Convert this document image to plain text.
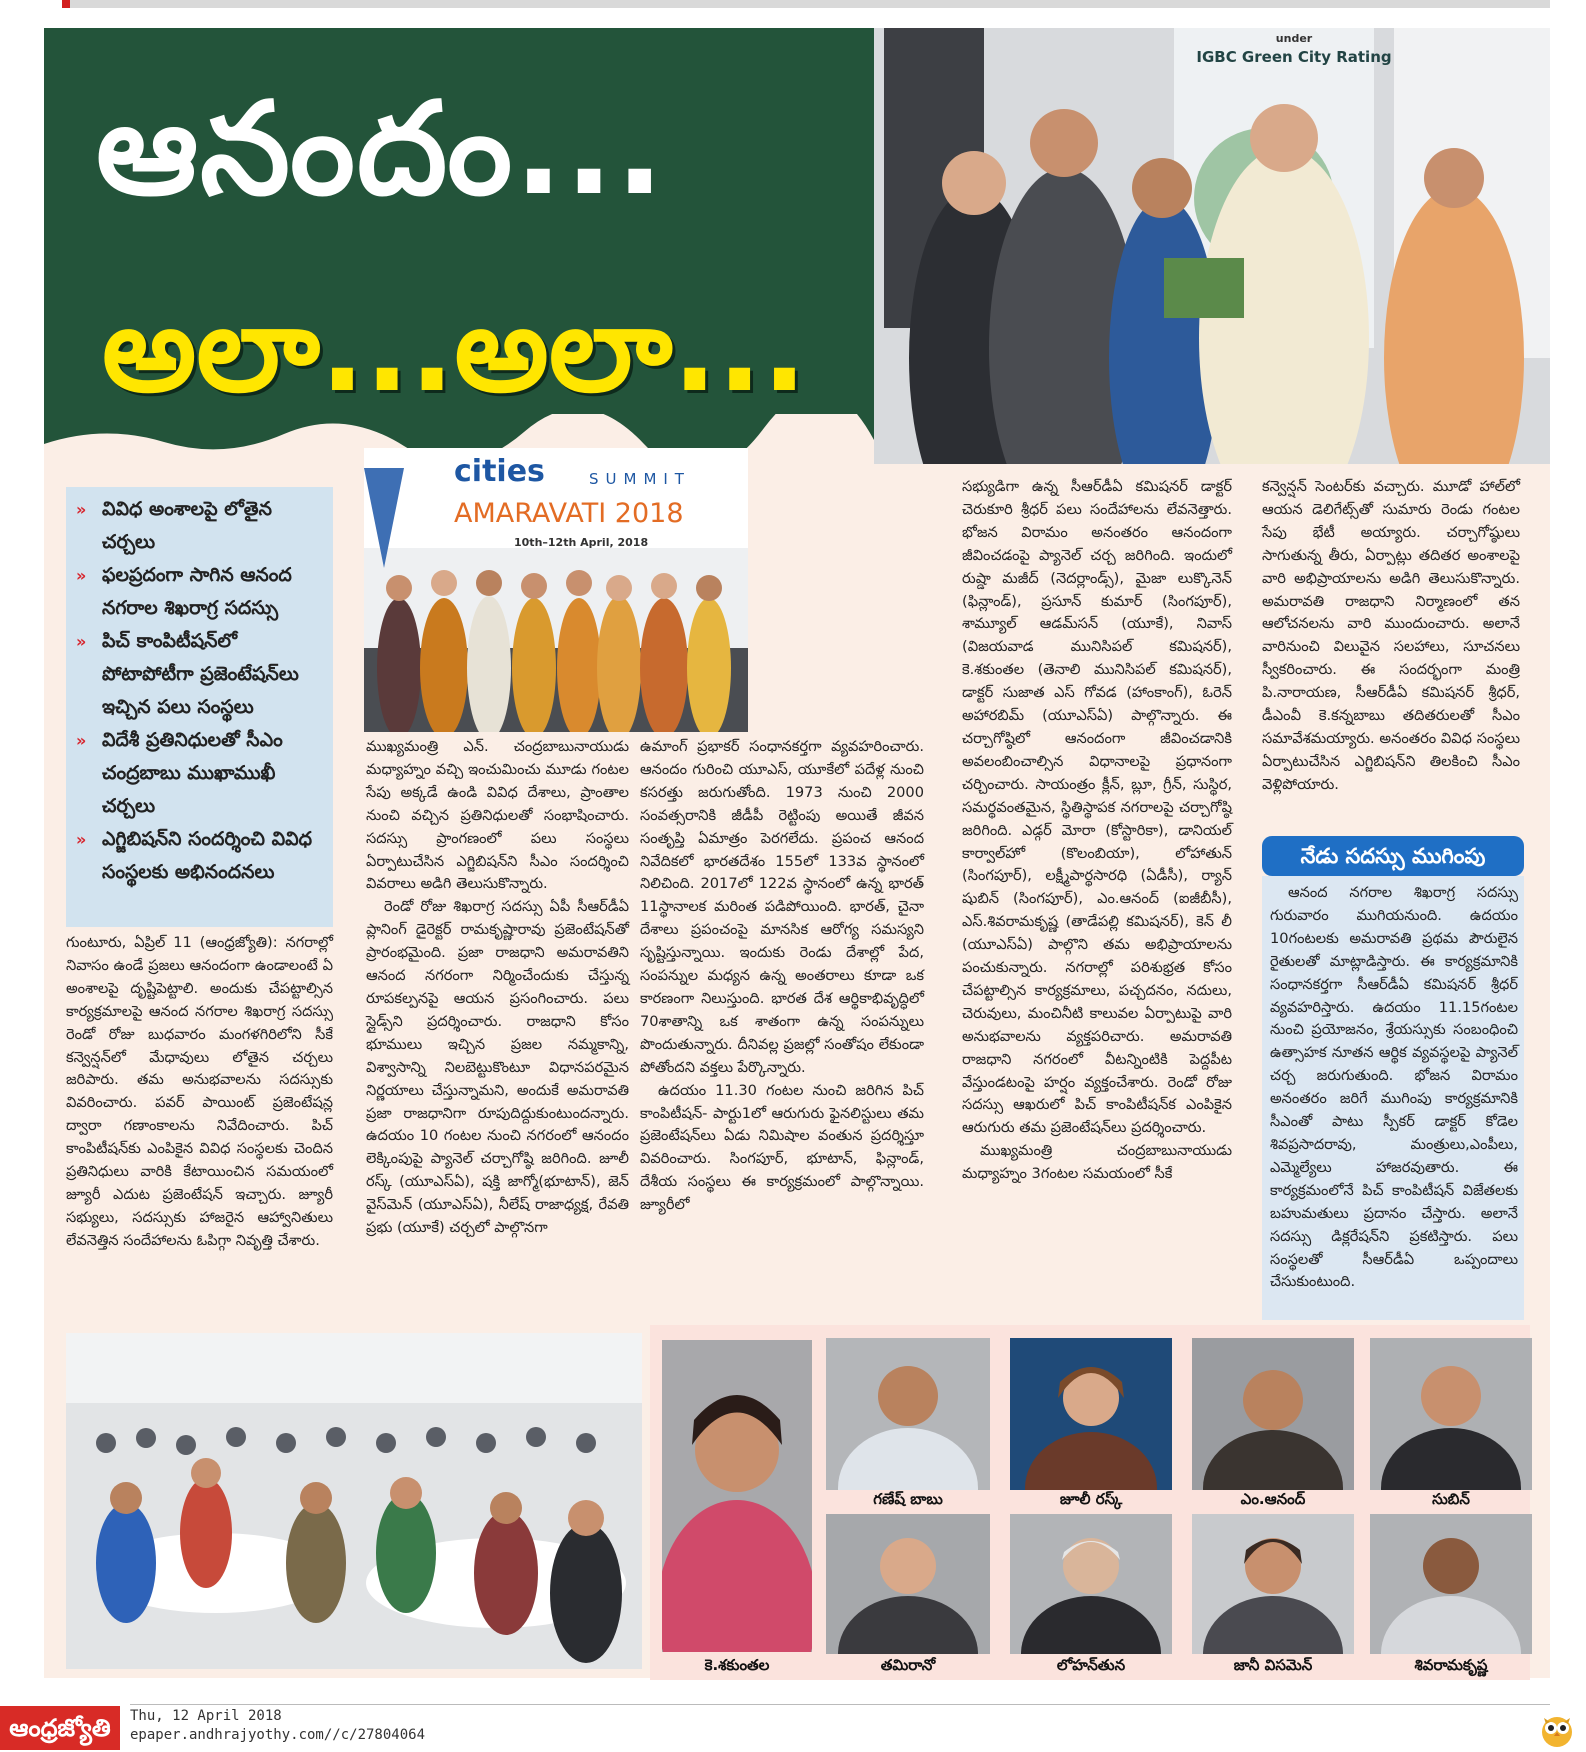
ఆనందం...
అలా...అలా...
under
IGBC Green City Rating
» వివిధ అంశాలపై లోతైన చర్చలు
» ఫలప్రదంగా సాగిన ఆనంద నగరాల శిఖరాగ్ర సదస్సు
» పిచ్ కాంపిటీషన్‌లో పోటాపోటీగా ప్రజెంటేషన్‌లు ఇచ్చిన పలు సంస్థలు
» విదేశీ ప్రతినిధులతో సీఎం చంద్రబాబు ముఖాముఖీ చర్చలు
» ఎగ్జిబిషన్‌ని సందర్శించి వివిధ సంస్థలకు అభినందనలు
cities	SUMMIT
AMARAVATI 2018
10th–12th April, 2018

గుంటూరు, ఏప్రిల్ 11 (ఆంధ్రజ్యోతి): నగరాల్లో నివాసం ఉండే ప్రజలు ఆనందంగా ఉండాలంటే ఏ అంశాలపై దృష్టిపెట్టాలి. అందుకు చేపట్టాల్సిన కార్యక్రమాలపై ఆనంద నగరాల శిఖరాగ్ర సదస్సు రెండో రోజు బుధవారం మంగళగిరిలోని సీకే కన్వెన్షన్‌లో మేధావులు లోతైన చర్చలు జరిపారు. తమ అనుభవాలను సదస్సుకు వివరించారు. పవర్ పాయింట్ ప్రజెంటేషన్ల ద్వారా గణాంకాలను నివేదించారు. పిచ్ కాంపిటీషన్‌కు ఎంపికైన వివిధ సంస్థలకు చెందిన ప్రతినిధులు వారికి కేటాయించిన సమయంలో జ్యూరీ ఎదుట ప్రజెంటేషన్ ఇచ్చారు. జ్యూరీ సభ్యులు, సదస్సుకు హాజరైన ఆహ్వానితులు లేవనెత్తిన సందేహాలను ఓపిగ్గా నివృత్తి చేశారు.

ముఖ్యమంత్రి ఎన్. చంద్రబాబునాయుడు మధ్యాహ్నం వచ్చి ఇంచుమించు మూడు గంటల సేపు అక్కడే ఉండి వివిధ దేశాలు, ప్రాంతాల నుంచి వచ్చిన ప్రతినిధులతో సంభాషించారు. సదస్సు ప్రాంగణంలో పలు సంస్థలు ఏర్పాటుచేసిన ఎగ్జిబిషన్‌ని సీఎం సందర్శించి వివరాలు అడిగి తెలుసుకొన్నారు.

రెండో రోజు శిఖరాగ్ర సదస్సు ఏపీ సీఆర్‌డీఏ ప్లానింగ్ డైరెక్టర్ రామకృష్ణారావు ప్రజెంటేషన్‌తో ప్రారంభమైంది. ప్రజా రాజధాని అమరావతిని ఆనంద నగరంగా నిర్మించేందుకు చేస్తున్న రూపకల్పనపై ఆయన ప్రసంగించారు. పలు స్లైడ్స్‌ని ప్రదర్శించారు. రాజధాని కోసం భూములు ఇచ్చిన ప్రజల నమ్మకాన్ని, విశ్వాసాన్ని నిలబెట్టుకొంటూ విధానపరమైన నిర్ణయాలు చేస్తున్నామని, అందుకే అమరావతి ప్రజా రాజధానిగా రూపుదిద్దుకుంటుందన్నారు. ఉదయం 10 గంటల నుంచి నగరంలో ఆనందం లెక్కింపుపై ప్యానెల్ చర్చాగోష్ఠి జరిగింది. జూలీ రస్క్ (యూఎస్‌ఏ), షక్తి జాగ్మో(భూటాన్), జెన్ వైస్‌మెన్ (యూఎస్‌ఏ), నీలేష్ రాజాధ్యక్ష, రేవతి ప్రభు (యూకే) చర్చలో పాల్గొనగా

ఉమాంగ్ ప్రభాకర్ సంధానకర్తగా వ్యవహరించారు. ఆనందం గురించి యూఎస్, యూకేలో పదేళ్ల నుంచి కసరత్తు జరుగుతోంది. 1973 నుంచి 2000 సంవత్సరానికి జీడీపీ రెట్టింపు అయితే జీవన సంతృప్తి ఏమాత్రం పెరగలేదు. ప్రపంచ ఆనంద నివేదికలో భారతదేశం 155లో 133వ స్థానంలో నిలిచింది. 2017లో 122వ స్థానంలో ఉన్న భారత్ 11స్థానాలక మరింత పడిపోయింది. భారత్, చైనా దేశాలు ప్రపంచంపై మానసిక ఆరోగ్య సమస్యని సృష్టిస్తున్నాయి. ఇందుకు రెండు దేశాల్లో పేద, సంపన్నుల మధ్యన ఉన్న అంతరాలు కూడా ఒక కారణంగా నిలుస్తుంది. భారత దేశ ఆర్థికాభివృద్ధిలో 70శాతాన్ని ఒక శాతంగా ఉన్న సంపన్నులు పొందుతున్నారు. దీనివల్ల ప్రజల్లో సంతోషం లేకుండా పోతోందని వక్తలు పేర్కొన్నారు.

ఉదయం 11.30 గంటల నుంచి జరిగిన పిచ్ కాంపిటీషన్- పార్టు1లో ఆరుగురు ఫైనలిస్టులు తమ ప్రజెంటేషన్‌లు ఏడు నిమిషాల వంతున ప్రదర్శిస్తూ వివరించారు. సింగపూర్, భూటాన్, ఫిన్లాండ్, దేశీయ సంస్థలు ఈ కార్యక్రమంలో పాల్గొన్నాయి. జ్యూరీలో

సభ్యుడిగా ఉన్న సీఆర్‌డీఏ కమిషనర్ డాక్టర్ చెరుకూరి శ్రీధర్ పలు సందేహాలను లేవనెత్తారు. భోజన విరామం అనంతరం ఆనందంగా జీవించడంపై ప్యానెల్ చర్చ జరిగింది. ఇందులో రుష్డా మజీద్ (నెదర్లాండ్స్), మైజా లుక్కొనెన్ (ఫిన్లాండ్), ప్రసూన్ కుమార్ (సింగపూర్), శామ్యూల్ ఆడమ్‌సన్ (యూకే), నివాస్ (విజయవాడ మునిసిపల్ కమిషనర్), కె.శకుంతల (తెనాలి మునిసిపల్ కమిషనర్), డాక్టర్ సుజాత ఎస్ గోవడ (హాంకాంగ్), ఓరెన్ అహారబిమ్ (యూఎస్‌ఏ) పాల్గొన్నారు. ఈ చర్చాగోష్ఠిలో ఆనందంగా జీవించడానికి అవలంబించాల్సిన విధానాలపై ప్రధానంగా చర్చించారు. సాయంత్రం క్లీన్, బ్లూ, గ్రీన్, సుస్థిర, సమర్థవంతమైన, స్థితిస్థాపక నగరాలపై చర్చాగోష్ఠి జరిగింది. ఎడ్గర్ మోరా (కోస్టారికా), డానియల్ కార్వాల్‌హో (కొలంబియా), లోహాతున్ (సింగపూర్), లక్ష్మీపార్థసారధి (ఏడీసీ), ర్యాన్ షుబిన్ (సింగపూర్), ఎం.ఆనంద్ (ఐజీబీసీ), ఎస్.శివరామకృష్ణ (తాడేపల్లి కమిషనర్), కెన్ లీ (యూఎస్‌ఏ) పాల్గొని తమ అభిప్రాయాలను పంచుకున్నారు. నగరాల్లో పరిశుభ్రత కోసం చేపట్టాల్సిన కార్యక్రమాలు, పచ్చదనం, నదులు, చెరువులు, మంచినీటి కాలువల ఏర్పాటుపై వారి అనుభవాలను వ్యక్తపరిచారు. అమరావతి రాజధాని నగరంలో వీటన్నింటికి పెద్దపీట వేస్తుండటంపై హర్షం వ్యక్తంచేశారు. రెండో రోజు సదస్సు ఆఖరులో పిచ్ కాంపిటీషన్‌క ఎంపికైన ఆరుగురు తమ ప్రజెంటేషన్‌లు ప్రదర్శించారు.

ముఖ్యమంత్రి చంద్రబాబునాయుడు మధ్యాహ్నం 3గంటల సమయంలో సీకే

కన్వెన్షన్ సెంటర్‌కు వచ్చారు. మూడో హాల్‌లో ఆయన డెలిగేట్స్‌తో సుమారు రెండు గంటల సేపు భేటీ అయ్యారు. చర్చాగోష్ఠులు సాగుతున్న తీరు, ఏర్పాట్లు తదితర అంశాలపై వారి అభిప్రాయాలను అడిగి తెలుసుకొన్నారు. అమరావతి రాజధాని నిర్మాణంలో తన ఆలోచనలను వారి ముందుంచారు. అలానే వారినుంచి విలువైన సలహాలు, సూచనలు స్వీకరించారు. ఈ సందర్భంగా మంత్రి పి.నారాయణ, సీఆర్‌డీఏ కమిషనర్ శ్రీధర్, డీఎంవీ కె.కన్నబాబు తదితరులతో సీఎం సమావేశమయ్యారు. అనంతరం వివిధ సంస్థలు ఏర్పాటుచేసిన ఎగ్జిబిషన్‌ని తిలకించి సీఎం వెళ్లిపోయారు.

నేడు సదస్సు ముగింపు

ఆనంద నగరాల శిఖరాగ్ర సదస్సు గురువారం ముగియనుంది. ఉదయం 10గంటలకు అమరావతి ప్రథమ పౌరులైన రైతులతో మాట్లాడిస్తారు. ఈ కార్యక్రమానికి సంధానకర్తగా సీఆర్‌డీఏ కమిషనర్ శ్రీధర్ వ్యవహరిస్తారు. ఉదయం 11.15గంటల నుంచి ప్రయోజనం, శ్రేయస్సుకు సంబంధించి ఉత్సాహక నూతన ఆర్థిక వ్యవస్థలపై ప్యానెల్ చర్చ జరుగుతుంది. భోజన విరామం అనంతరం జరిగే ముగింపు కార్యక్రమానికి సీఎంతో పాటు స్పీకర్ డాక్టర్ కోడెల శివప్రసాదరావు, మంత్రులు,ఎంపీలు, ఎమ్మెల్యేలు హాజరవుతారు. ఈ కార్యక్రమంలోనే పిచ్ కాంపిటీషన్ విజేతలకు బహుమతులు ప్రదానం చేస్తారు. అలానే సదస్సు డిక్లరేషన్‌ని ప్రకటిస్తారు. పలు సంస్థలతో సీఆర్‌డీఏ ఒప్పందాలు చేసుకుంటుంది.

కె.శకుంతల
గణేష్ బాబు	జూలీ రస్క్	ఎం.ఆనంద్	సుబిన్
తమిరానో	లోహన్‌తున	జానీ విసమెన్	శివరామకృష్ణ
ఆంధ్రజ్యోతి	Thu, 12 April 2018
epaper.andhrajyothy.com//c/27804064
